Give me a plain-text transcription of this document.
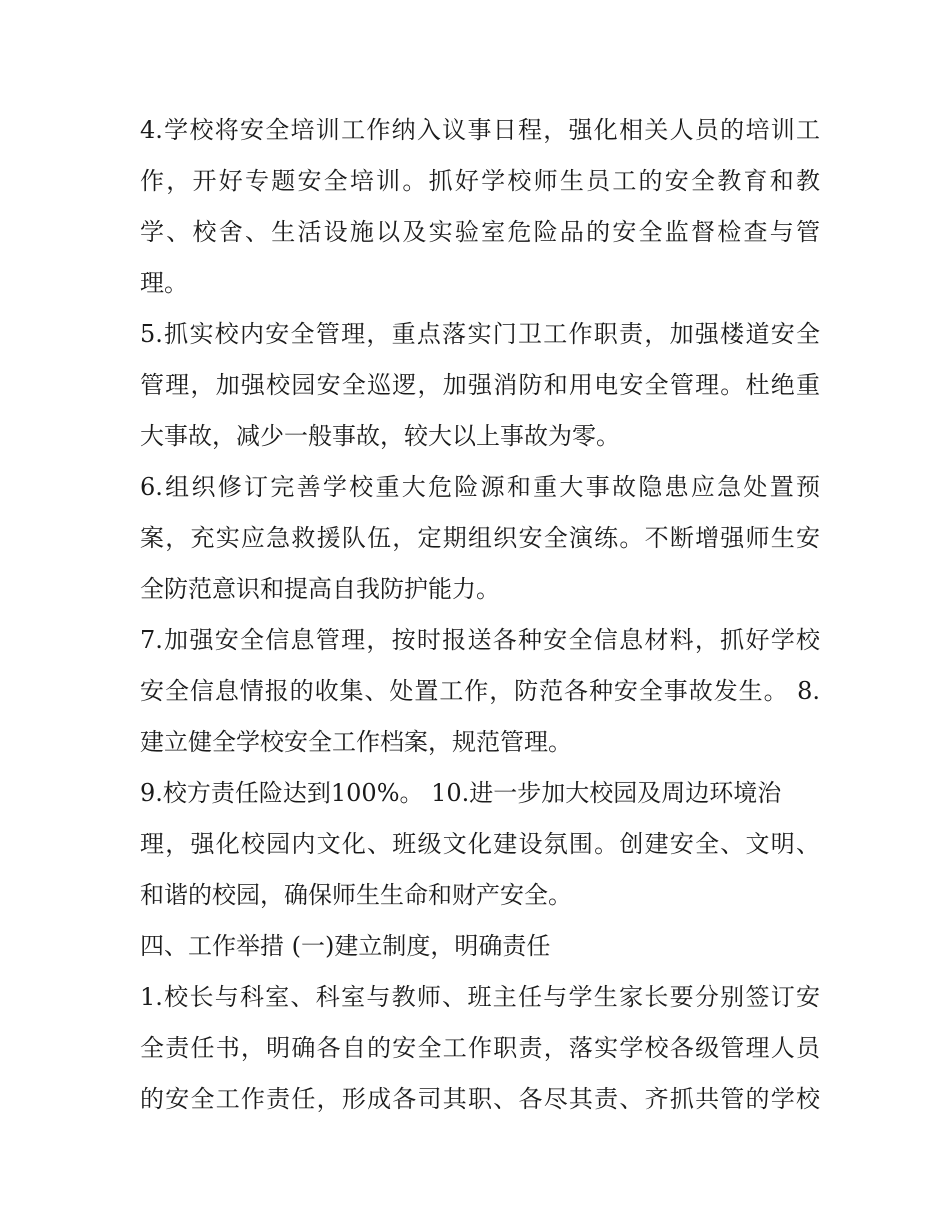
4.学校将安全培训工作纳入议事日程，强化相关人员的培训工
作，开好专题安全培训。抓好学校师生员工的安全教育和教
学、校舍、生活设施以及实验室危险品的安全监督检查与管
理。
5.抓实校内安全管理，重点落实门卫工作职责，加强楼道安全
管理，加强校园安全巡逻，加强消防和用电安全管理。杜绝重
大事故，减少一般事故，较大以上事故为零。
6.组织修订完善学校重大危险源和重大事故隐患应急处置预
案，充实应急救援队伍，定期组织安全演练。不断增强师生安
全防范意识和提高自我防护能力。
7.加强安全信息管理，按时报送各种安全信息材料，抓好学校
安全信息情报的收集、处置工作，防范各种安全事故发生。 8.
建立健全学校安全工作档案，规范管理。
9.校方责任险达到100%。 10.进一步加大校园及周边环境治
理，强化校园内文化、班级文化建设氛围。创建安全、文明、
和谐的校园，确保师生生命和财产安全。
四、工作举措 (一)建立制度，明确责任
1.校长与科室、科室与教师、班主任与学生家长要分别签订安
全责任书，明确各自的安全工作职责，落实学校各级管理人员
的安全工作责任，形成各司其职、各尽其责、齐抓共管的学校
